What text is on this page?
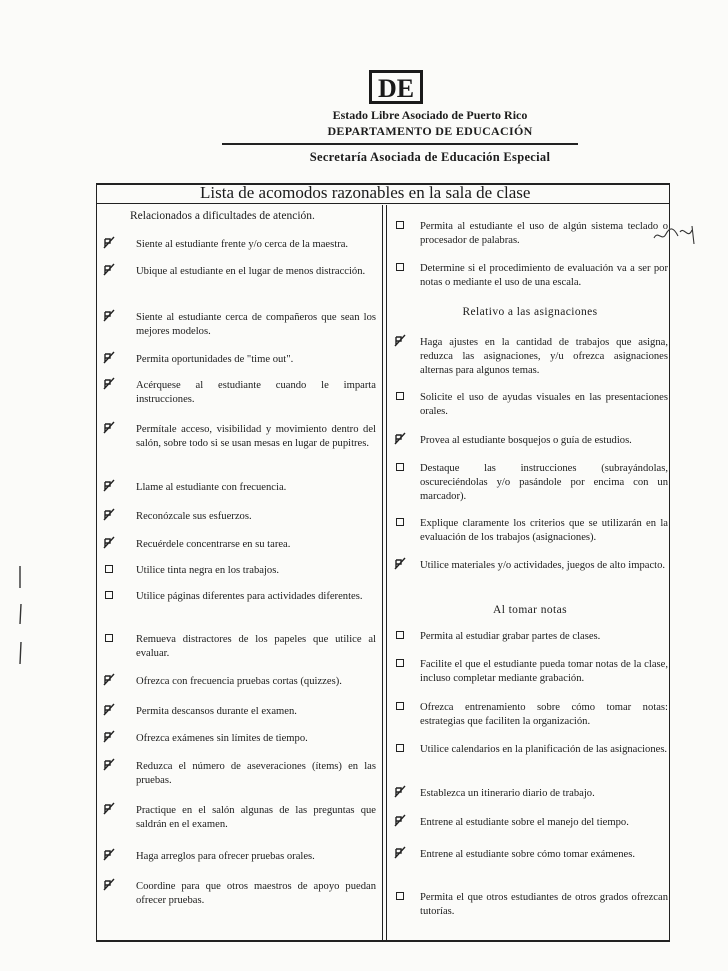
DE
Estado Libre Asociado de Puerto Rico
DEPARTAMENTO DE EDUCACIÓN
Secretaría Asociada de Educación Especial
Lista de acomodos razonables en la sala de clase
Relacionados a dificultades de atención.
Siente al estudiante frente y/o cerca de la maestra.
Ubique al estudiante en el lugar de menos distracción.
Siente al estudiante cerca de compañeros que sean los mejores modelos.
Permita oportunidades de "time out".
Acérquese al estudiante cuando le imparta instrucciones.
Permítale acceso, visibilidad y movimiento dentro del salón, sobre todo si se usan mesas en lugar de pupitres.
Llame al estudiante con frecuencia.
Reconózcale sus esfuerzos.
Recuérdele concentrarse en su tarea.
Utilice tinta negra en los trabajos.
Utilice páginas diferentes para actividades diferentes.
Remueva distractores de los papeles que utilice al evaluar.
Ofrezca con frecuencia pruebas cortas (quizzes).
Permita descansos durante el examen.
Ofrezca exámenes sin límites de tiempo.
Reduzca el número de aseveraciones (ítems) en las pruebas.
Practique en el salón algunas de las preguntas que saldrán en el examen.
Haga arreglos para ofrecer pruebas orales.
Coordine para que otros maestros de apoyo puedan ofrecer pruebas.
Permita al estudiante el uso de algún sistema teclado o procesador de palabras.
Determine si el procedimiento de evaluación va a ser por notas o mediante el uso de una escala.
Haga ajustes en la cantidad de trabajos que asigna, reduzca las asignaciones, y/u ofrezca asignaciones alternas para algunos temas.
Solicite el uso de ayudas visuales en las presentaciones orales.
Provea al estudiante bosquejos o guía de estudios.
Destaque las instrucciones (subrayándolas, oscureciéndolas y/o pasándole por encima con un marcador).
Explique claramente los criterios que se utilizarán en la evaluación de los trabajos (asignaciones).
Utilice materiales y/o actividades, juegos de alto impacto.
Permita al estudiar grabar partes de clases.
Facilite el que el estudiante pueda tomar notas de la clase, incluso completar mediante grabación.
Ofrezca entrenamiento sobre cómo tomar notas: estrategias que faciliten la organización.
Utilice calendarios en la planificación de las asignaciones.
Establezca un itinerario diario de trabajo.
Entrene al estudiante sobre el manejo del tiempo.
Entrene al estudiante sobre cómo tomar exámenes.
Permita el que otros estudiantes de otros grados ofrezcan tutorías.
Relativo a las asignaciones
Al tomar notas
